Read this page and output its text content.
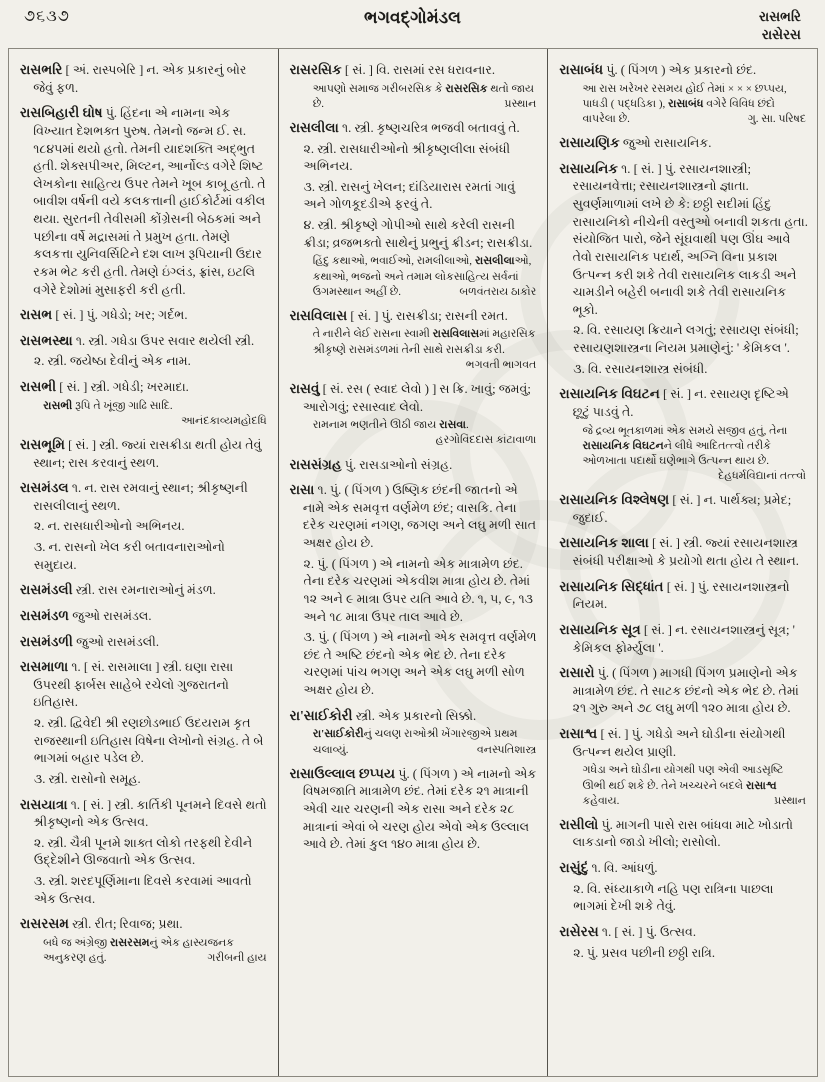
૭૬૩૭	ભગવદ્ગોમંડલ	રાસભરિ
રાસેરસ
રાસભરિ [ અં. રાસ્પબેરિ ] ન. એક પ્રકારનું બોર જેવું ફળ.
રાસબિહારી ઘોષ પું. હિંદના એ નામના એક વિખ્યાત દેશભક્ત પુરુષ. તેમનો જન્મ ઈ. સ. ૧૮૪૫માં થયો હતો. તેમની યાદશક્તિ અદ્ભુત હતી. શેક્સપીઅર, મિલ્ટન, આર્નોલ્ડ વગેરે શિષ્ટ લેખકોના સાહિત્ય ઉપર તેમને ખૂબ કાબૂ હતો. તે બાવીશ વર્ષની વયે કલકત્તાની હાઈકોર્ટમાં વકીલ થયા. સુરતની તેવીસમી કોંગ્રેસની બેઠકમાં અને પછીના વર્ષે મદ્રાસમાં તે પ્રમુખ હતા. તેમણે કલકત્તા યુનિવર્સિટિને દશ લાખ રૂપિયાની ઉદાર રકમ ભેટ કરી હતી. તેમણે ઇંગ્લંડ, ફ્રાંસ, ઇટલિ વગેરે દેશોમાં મુસાફરી કરી હતી.
રાસભ [ સં. ] પું. ગધેડો; ખર; ગર્દભ.
રાસભસ્થા ૧. સ્ત્રી. ગધેડા ઉપર સવાર થયેલી સ્ત્રી.
૨. સ્ત્રી. જયેષ્ઠા દેવીનું એક નામ.
રાસભી [ સં. ] સ્ત્રી. ગધેડી; ખરમાદા.
રાસભી રૂપિ તે ખૂંજી ગાઢિ સાદિ.
આનંદકાવ્યમહોદધિ
રાસભૂમિ [ સં. ] સ્ત્રી. જ્યાં રાસક્રીડા થતી હોય તેવું સ્થાન; રાસ કરવાનું સ્થળ.
રાસમંડલ ૧. ન. રાસ રમવાનું સ્થાન; શ્રીકૃષ્ણની રાસલીલાનું સ્થળ.
૨. ન. રાસધારીઓનો અભિનય.
૩. ન. રાસનો ખેલ કરી બતાવનારાઓનો સમુદાય.
રાસમંડલી સ્ત્રી. રાસ રમનારાઓનું મંડળ.
રાસમંડળ જુઓ રાસમંડલ.
રાસમંડળી જુઓ રાસમંડલી.
રાસમાળા ૧. [ સં. રાસમાલા ] સ્ત્રી. ઘણા રાસા ઉપરથી ફાર્બસ સાહેબે રચેલો ગુજરાતનો ઇતિહાસ.
૨. સ્ત્રી. દ્વિવેદી શ્રી રણછોડભાઈ ઉદયરામ કૃત રાજસ્થાની ઇતિહાસ વિષેના લેખોનો સંગ્રહ. તે બે ભાગમાં બહાર પડેલ છે.
૩. સ્ત્રી. રાસોનો સમૂહ.
રાસયાત્રા ૧. [ સં. ] સ્ત્રી. કાર્તિકી પૂનમને દિવસે થતો શ્રીકૃષ્ણનો એક ઉત્સવ.
૨. સ્ત્રી. ચૈત્રી પૂનમે શાક્ત લોકો તરફથી દેવીને ઉદ્દેશીને ઊજવાતો એક ઉત્સવ.
૩. સ્ત્રી. શરદપૂર્ણિમાના દિવસે કરવામાં આવતો એક ઉત્સવ.
રાસરસમ સ્ત્રી. રીત; રિવાજ; પ્રથા.
બધે જ અંગ્રેજી રાસરસમનું એક હાસ્યજનક અનુકરણ હતું.	ગરીબની હાય
રાસરસિક [ સં. ] વિ. રાસમાં રસ ધરાવનાર.
આપણો સમાજ ગરીબરસિક કે રાસરસિક થતો જાય છે.	પ્રસ્થાન
રાસલીલા ૧. સ્ત્રી. કૃષ્ણચરિત્ર ભજવી બતાવવું તે.
૨. સ્ત્રી. રાસધારીઓનો શ્રીકૃષ્ણલીલા સંબંધી અભિનય.
૩. સ્ત્રી. રાસનું ખેલન; દાંડિયારાસ રમતાં ગાવું અને ગોળકૂદડીએ ફરવું તે.
૪. સ્ત્રી. શ્રીકૃષ્ણે ગોપીઓ સાથે કરેલી રાસની ક્રીડા; વ્રજભક્તો સાથેનું પ્રભુનું ક્રીડન; રાસક્રીડા.
હિંદુ કથાઓ, ભવાઈઓ, રામલીલાઓ, રાસલીલાઓ, કથાઓ, ભજનો અને તમામ લોકસાહિત્ય સર્વનાં ઉગમસ્થાન અહીં છે.	બળવંતરાય ઠાકોર
રાસવિલાસ [ સં. ] પું. રાસક્રીડા; રાસની રમત.
તે નારીને લેઈ રાસના સ્વામી રાસવિલાસમાં મહારસિક શ્રીકૃષ્ણે રાસમંડળમાં તેની સાથે રાસક્રીડા કરી.
ભગવતી ભાગવત
રાસવું [ સં. રસ ( સ્વાદ લેવો ) ] સ ક્રિ. ખાવું; જમવું; આરોગવું; રસાસ્વાદ લેવો.
રામનામ ભણતીને ઊઠી જાય રાસવા.
હરગોવિંદદાસ કાંટાવાળા
રાસસંગ્રહ પું. રાસડાઓનો સંગ્રહ.
રાસા ૧. પું. ( પિંગળ ) ઉષ્ણિક છંદની જાતનો એ નામે એક સમવૃત્ત વર્ણમેળ છંદ; વાસકિ. તેના દરેક ચરણમાં નગણ, જગણ અને લઘુ મળી સાત અક્ષર હોય છે.
૨. પું. ( પિંગળ ) એ નામનો એક માત્રામેળ છંદ. તેના દરેક ચરણમાં એકવીશ માત્રા હોય છે. તેમાં ૧૨ અને ૯ માત્રા ઉપર યતિ આવે છે. ૧, ૫, ૯, ૧૩ અને ૧૮ માત્રા ઉપર તાલ આવે છે.
૩. પું. ( પિંગળ ) એ નામનો એક સમવૃત્ત વર્ણમેળ છંદ તે અષ્ટિ છંદનો એક ભેદ છે. તેના દરેક ચરણમાં પાંચ ભગણ અને એક લઘુ મળી સોળ અક્ષર હોય છે.
રા'સાઈકોરી સ્ત્રી. એક પ્રકારનો સિક્કો.
રા'સાઈકોરીનું ચલણ રાઓશ્રી ખેંગારજીએ પ્રથમ ચલાવ્યું.	વનસ્પતિશાસ્ત્ર
રાસાઉલ્લાલ છપ્પય પું. ( પિંગળ ) એ નામનો એક વિષમજાતિ માત્રામેળ છંદ. તેમાં દરેક ૨૧ માત્રાની એવી ચાર ચરણની એક રાસા અને દરેક ૨૮ માત્રાનાં એવાં બે ચરણ હોય એવો એક ઉલ્લાલ આવે છે. તેમાં કુલ ૧૪૦ માત્રા હોય છે.
રાસાબંધ પું. ( પિંગળ ) એક પ્રકારનો છંદ.
આ રાસ ખરેખર રસમય હોઈ તેમાં × × × છપ્પય, પાધડી ( પદ્ધડિકા ), રાસાબંધ વગેરે વિવિધ છંદો વાપરેલા છે.	ગુ. સા. પરિષદ
રાસાયણિક જુઓ રાસાયનિક.
રાસાયનિક ૧. [ સં. ] પું. રસાયનશાસ્ત્રી; રસાયનવેત્તા; રસાયનશાસ્ત્રનો જ્ઞાતા. સુવર્ણમાળામાં લખે છે કે: છઠ્ઠી સદીમાં હિંદુ રાસાયનિકો નીચેની વસ્તુઓ બનાવી શકતા હતા. સંયોજિત પારો, જેને સૂંઘવાથી પણ ઊંઘ આવે તેવો રાસાયનિક પદાર્થ, અગ્નિ વિના પ્રકાશ ઉત્પન્ન કરી શકે તેવી રાસાયનિક લાકડી અને ચામડીને બહેરી બનાવી શકે તેવી રાસાયનિક ભૂકો.
૨. વિ. રસાયણ ક્રિયાને લગતું; રસાયણ સંબંધી; રસાયણશાસ્ત્રના નિયમ પ્રમાણેનું: ' કેમિકલ '.
૩. વિ. રસાયનશાસ્ત્ર સંબંધી.
રાસાયનિક વિઘટન [ સં. ] ન. રસાયણ દૃષ્ટિએ છૂટું પાડવું તે.
જે દ્રવ્ય ભૂતકાળમાં એક સમયે સજીવ હતું, તેના રાસાયનિક વિઘટનને લીધે આદિતત્ત્વો તરીકે ઓળખાતા પદાર્થો ઘણેભાગે ઉત્પન્ન થાય છે.
દેહધર્મવિદ્યાનાં તત્ત્વો
રાસાયનિક વિશ્લેષણ [ સં. ] ન. પાર્થક્ય; પ્રમેદ; જુદાઈ.
રાસાયનિક શાલા [ સં. ] સ્ત્રી. જ્યાં રસાયનશાસ્ત્ર સંબંધી પરીક્ષાઓ કે પ્રયોગો થતા હોય તે સ્થાન.
રાસાયનિક સિદ્ધાંત [ સં. ] પું. રસાયનશાસ્ત્રનો નિયમ.
રાસાયનિક સૂત્ર [ સં. ] ન. રસાયનશાસ્ત્રનું સૂત્ર; ' કેમિકલ ફોર્મ્યુલા '.
રાસારો પું. ( પિંગળ ) માગધી પિંગળ પ્રમાણેનો એક માત્રામેળ છંદ. તે સાટક છંદનો એક ભેદ છે. તેમાં ૨૧ ગુરુ અને ૭૮ લઘુ મળી ૧૨૦ માત્રા હોય છે.
રાસાશ્વ [ સં. ] પું. ગધેડો અને ઘોડીના સંયોગથી ઉત્પન્ન થયેલ પ્રાણી.
ગધેડા અને ઘોડીના યોગથી પણ એવી આડસૃષ્ટિ ઊભી થઈ શકે છે. તેને ખચ્ચરને બદલે રાસાશ્વ કહેવાય.	પ્રસ્થાન
રાસીલો પું. માગની પાસે રાસ બાંધવા માટે ખોડાતો લાકડાનો જાડો ખીલો; રાસોલો.
રાસુંદું ૧. વિ. આંધળું.
૨. વિ. સંધ્યાકાળે નહિ પણ રાત્રિના પાછલા ભાગમાં દેખી શકે તેવું.
રાસેરસ ૧. [ સં. ] પું. ઉત્સવ.
૨. પું. પ્રસવ પછીની છઠ્ઠી રાત્રિ.
